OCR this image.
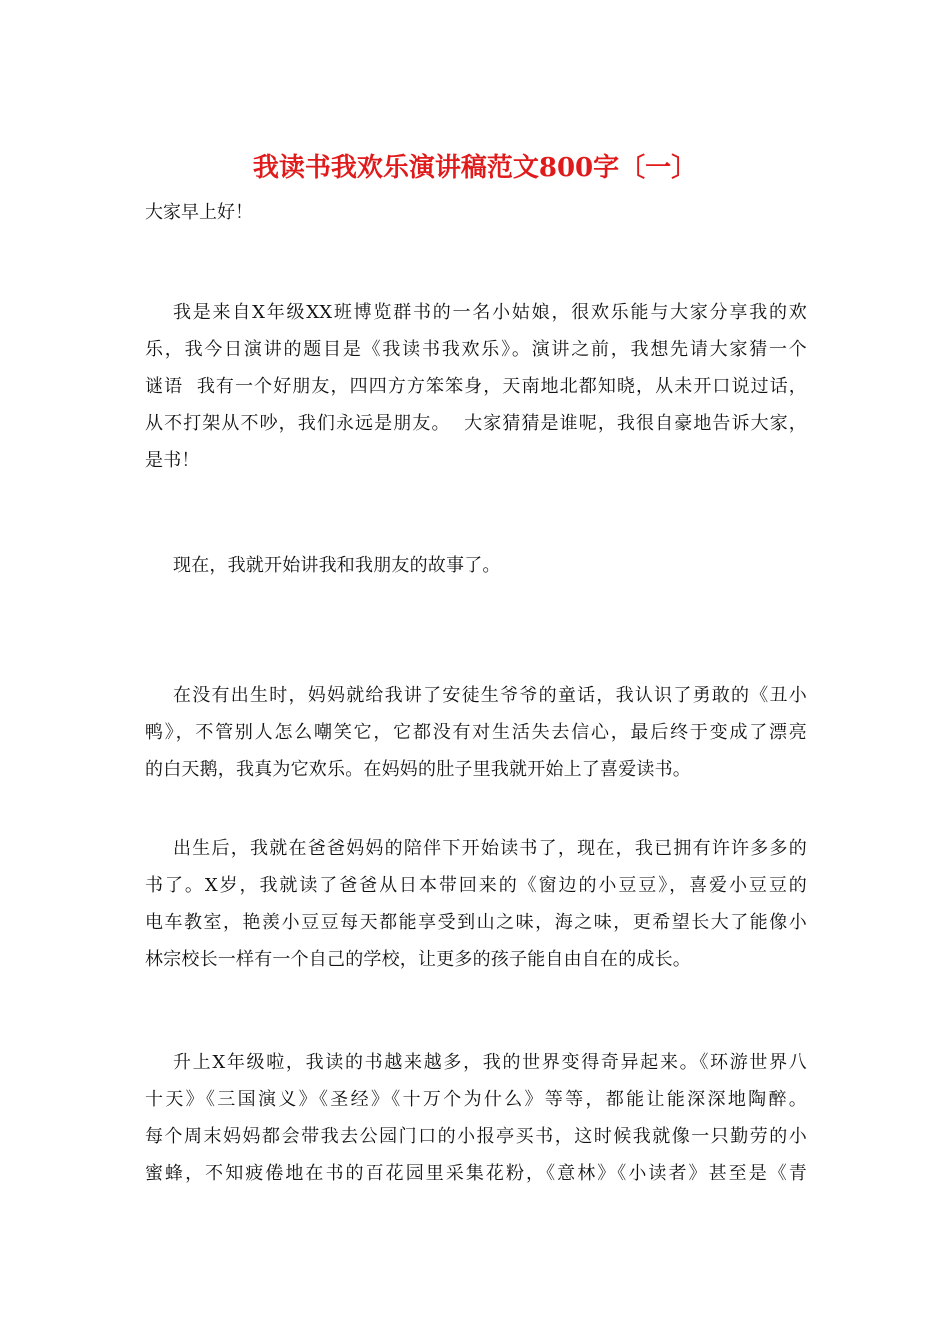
我读书我欢乐演讲稿范文800字〔一〕

大家早上好！

我是来自X年级XX班博览群书的一名小姑娘，很欢乐能与大家分享我的欢
乐，我今日演讲的题目是《我读书我欢乐》。演讲之前，我想先请大家猜一个
谜语  我有一个好朋友，四四方方笨笨身，天南地北都知晓，从未开口说过话，
从不打架从不吵，我们永远是朋友。  大家猜猜是谁呢，我很自豪地告诉大家，
是书！
现在，我就开始讲我和我朋友的故事了。
在没有出生时，妈妈就给我讲了安徒生爷爷的童话，我认识了勇敢的《丑小
鸭》，不管别人怎么嘲笑它，它都没有对生活失去信心，最后终于变成了漂亮
的白天鹅，我真为它欢乐。在妈妈的肚子里我就开始上了喜爱读书。
出生后，我就在爸爸妈妈的陪伴下开始读书了，现在，我已拥有许许多多的
书了。X岁，我就读了爸爸从日本带回来的《窗边的小豆豆》，喜爱小豆豆的
电车教室，艳羡小豆豆每天都能享受到山之味，海之味，更希望长大了能像小
林宗校长一样有一个自己的学校，让更多的孩子能自由自在的成长。
升上X年级啦，我读的书越来越多，我的世界变得奇异起来。《环游世界八
十天》《三国演义》《圣经》《十万个为什么》等等，都能让能深深地陶醉。
每个周末妈妈都会带我去公园门口的小报亭买书，这时候我就像一只勤劳的小
蜜蜂，不知疲倦地在书的百花园里采集花粉，《意林》《小读者》甚至是《青
